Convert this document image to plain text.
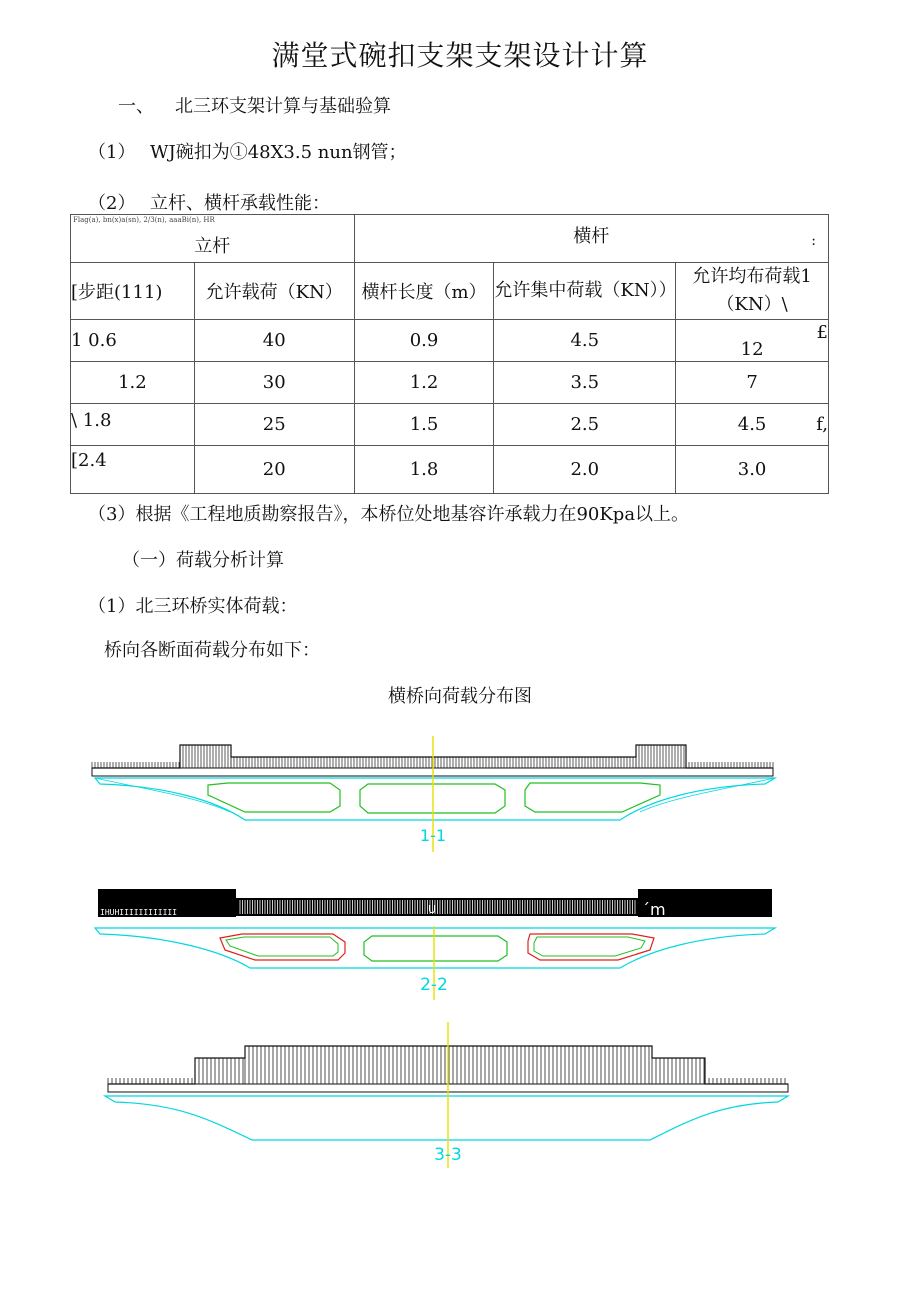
满堂式碗扣支架支架设计计算
一、 北三环支架计算与基础验算
（1） WJ碗扣为①48X3.5 nun钢管；
（2） 立杆、横杆承载性能：
Flag(a), bn(x)a(sn), 2/3(n), aaaBi(n), HR
立杆		横杆 :		

[步距(111)	允许载荷（KN）	横杆长度（m）	允许集中荷载（KN））	允许均布荷载1（KN）\
1 0.6	40	0.9	4.5	12
£

1.2	30	1.2	3.5	7
\ 1.8	25	1.5	2.5	4.5 f,

[2.4	20	1.8	2.0	3.0
（3）根据《工程地质勘察报告》，本桥位处地基容许承载力在90Kpa以上。
（一）荷载分析计算
（1）北三环桥实体荷载：
桥向各断面荷载分布如下：
横桥向荷载分布图
1-1
IHUHIIIIIIIIIIII	U	´m
2-2
3-3
